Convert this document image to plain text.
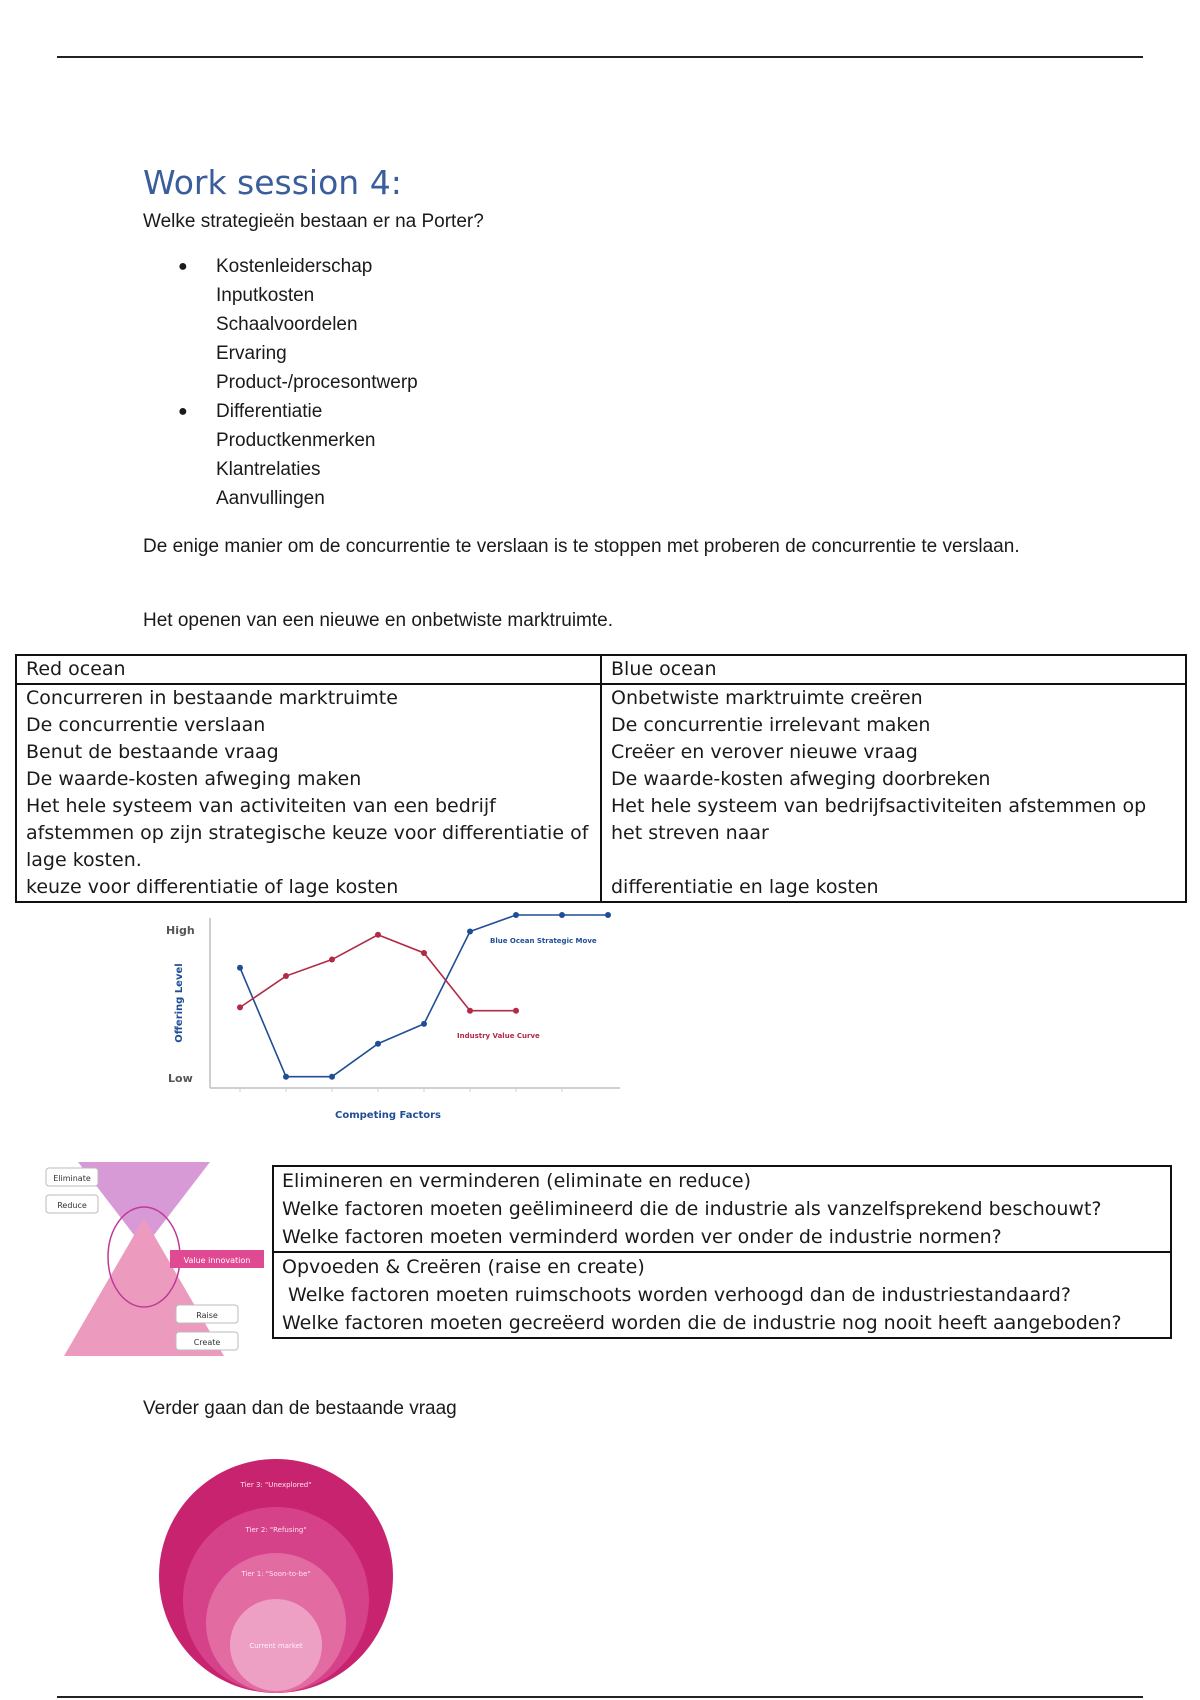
Work session 4:

Welke strategieën bestaan er na Porter?

● Kostenleiderschap
Inputkosten
Schaalvoordelen
Ervaring
Product-/procesontwerp
● Differentiatie
Productkenmerken
Klantrelaties
Aanvullingen

De enige manier om de concurrentie te verslaan is te stoppen met proberen de concurrentie te verslaan.

Het openen van een nieuwe en onbetwiste marktruimte.

Red ocean	Blue ocean
Concurreren in bestaande marktruimte	Onbetwiste marktruimte creëren
De concurrentie verslaan	De concurrentie irrelevant maken
Benut de bestaande vraag	Creëer en verover nieuwe vraag
De waarde-kosten afweging maken	De waarde-kosten afweging doorbreken
Het hele systeem van activiteiten van een bedrijf afstemmen op zijn strategische keuze voor differentiatie of lage kosten.	Het hele systeem van bedrijfsactiviteiten afstemmen op het streven naar
keuze voor differentiatie of lage kosten	differentiatie en lage kosten
High
Low
Offering Level
Competing Factors
Blue Ocean Strategic Move
Industry Value Curve
Eliminate
Reduce
Value innovation
Raise
Create
Elimineren en verminderen (eliminate en reduce)
Welke factoren moeten geëlimineerd die de industrie als vanzelfsprekend beschouwt?
Welke factoren moeten verminderd worden ver onder de industrie normen?

Opvoeden & Creëren (raise en create)
Welke factoren moeten ruimschoots worden verhoogd dan de industriestandaard?
Welke factoren moeten gecreëerd worden die de industrie nog nooit heeft aangeboden?

Verder gaan dan de bestaande vraag

Tier 3: "Unexplored"
Tier 2: "Refusing"
Tier 1: "Soon-to-be"
Current market
